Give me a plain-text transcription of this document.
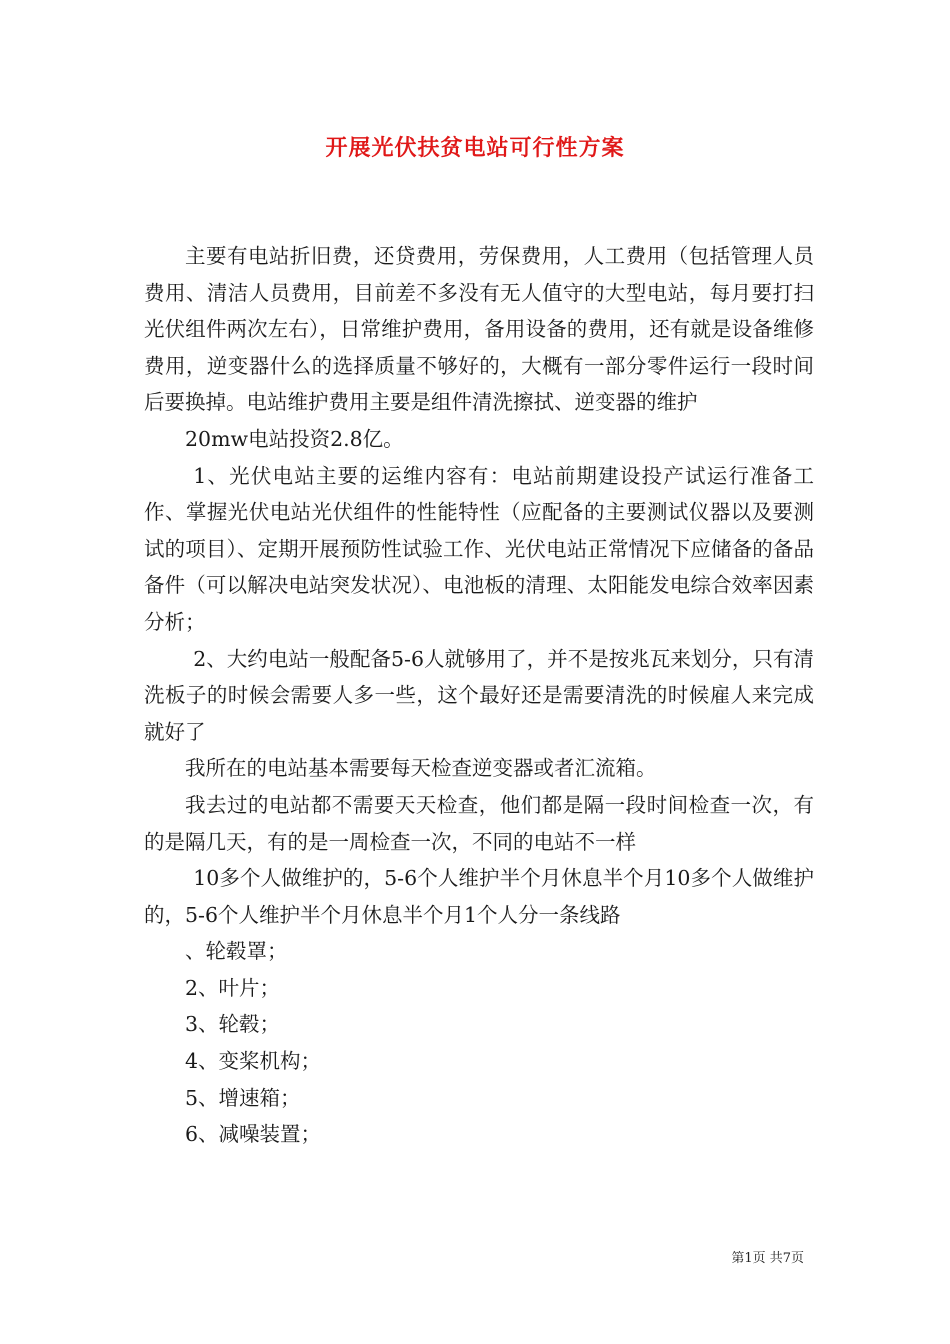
开展光伏扶贫电站可行性方案

主要有电站折旧费，还贷费用，劳保费用，人工费用（包括管理人员费用、清洁人员费用，目前差不多没有无人值守的大型电站，每月要打扫光伏组件两次左右），日常维护费用，备用设备的费用，还有就是设备维修费用，逆变器什么的选择质量不够好的，大概有一部分零件运行一段时间后要换掉。电站维护费用主要是组件清洗擦拭、逆变器的维护

20mw电站投资2.8亿。

1、光伏电站主要的运维内容有：电站前期建设投产试运行准备工作、掌握光伏电站光伏组件的性能特性（应配备的主要测试仪器以及要测试的项目）、定期开展预防性试验工作、光伏电站正常情况下应储备的备品备件（可以解决电站突发状况）、电池板的清理、太阳能发电综合效率因素分析；

2、大约电站一般配备5-6人就够用了，并不是按兆瓦来划分，只有清洗板子的时候会需要人多一些，这个最好还是需要清洗的时候雇人来完成就好了

我所在的电站基本需要每天检查逆变器或者汇流箱。

我去过的电站都不需要天天检查，他们都是隔一段时间检查一次，有的是隔几天，有的是一周检查一次，不同的电站不一样

10多个人做维护的，5-6个人维护半个月休息半个月10多个人做维护的，5-6个人维护半个月休息半个月1个人分一条线路

、轮毂罩；

2、叶片；

3、轮毂；

4、变桨机构；

5、增速箱；

6、减噪装置；

第1页 共7页
